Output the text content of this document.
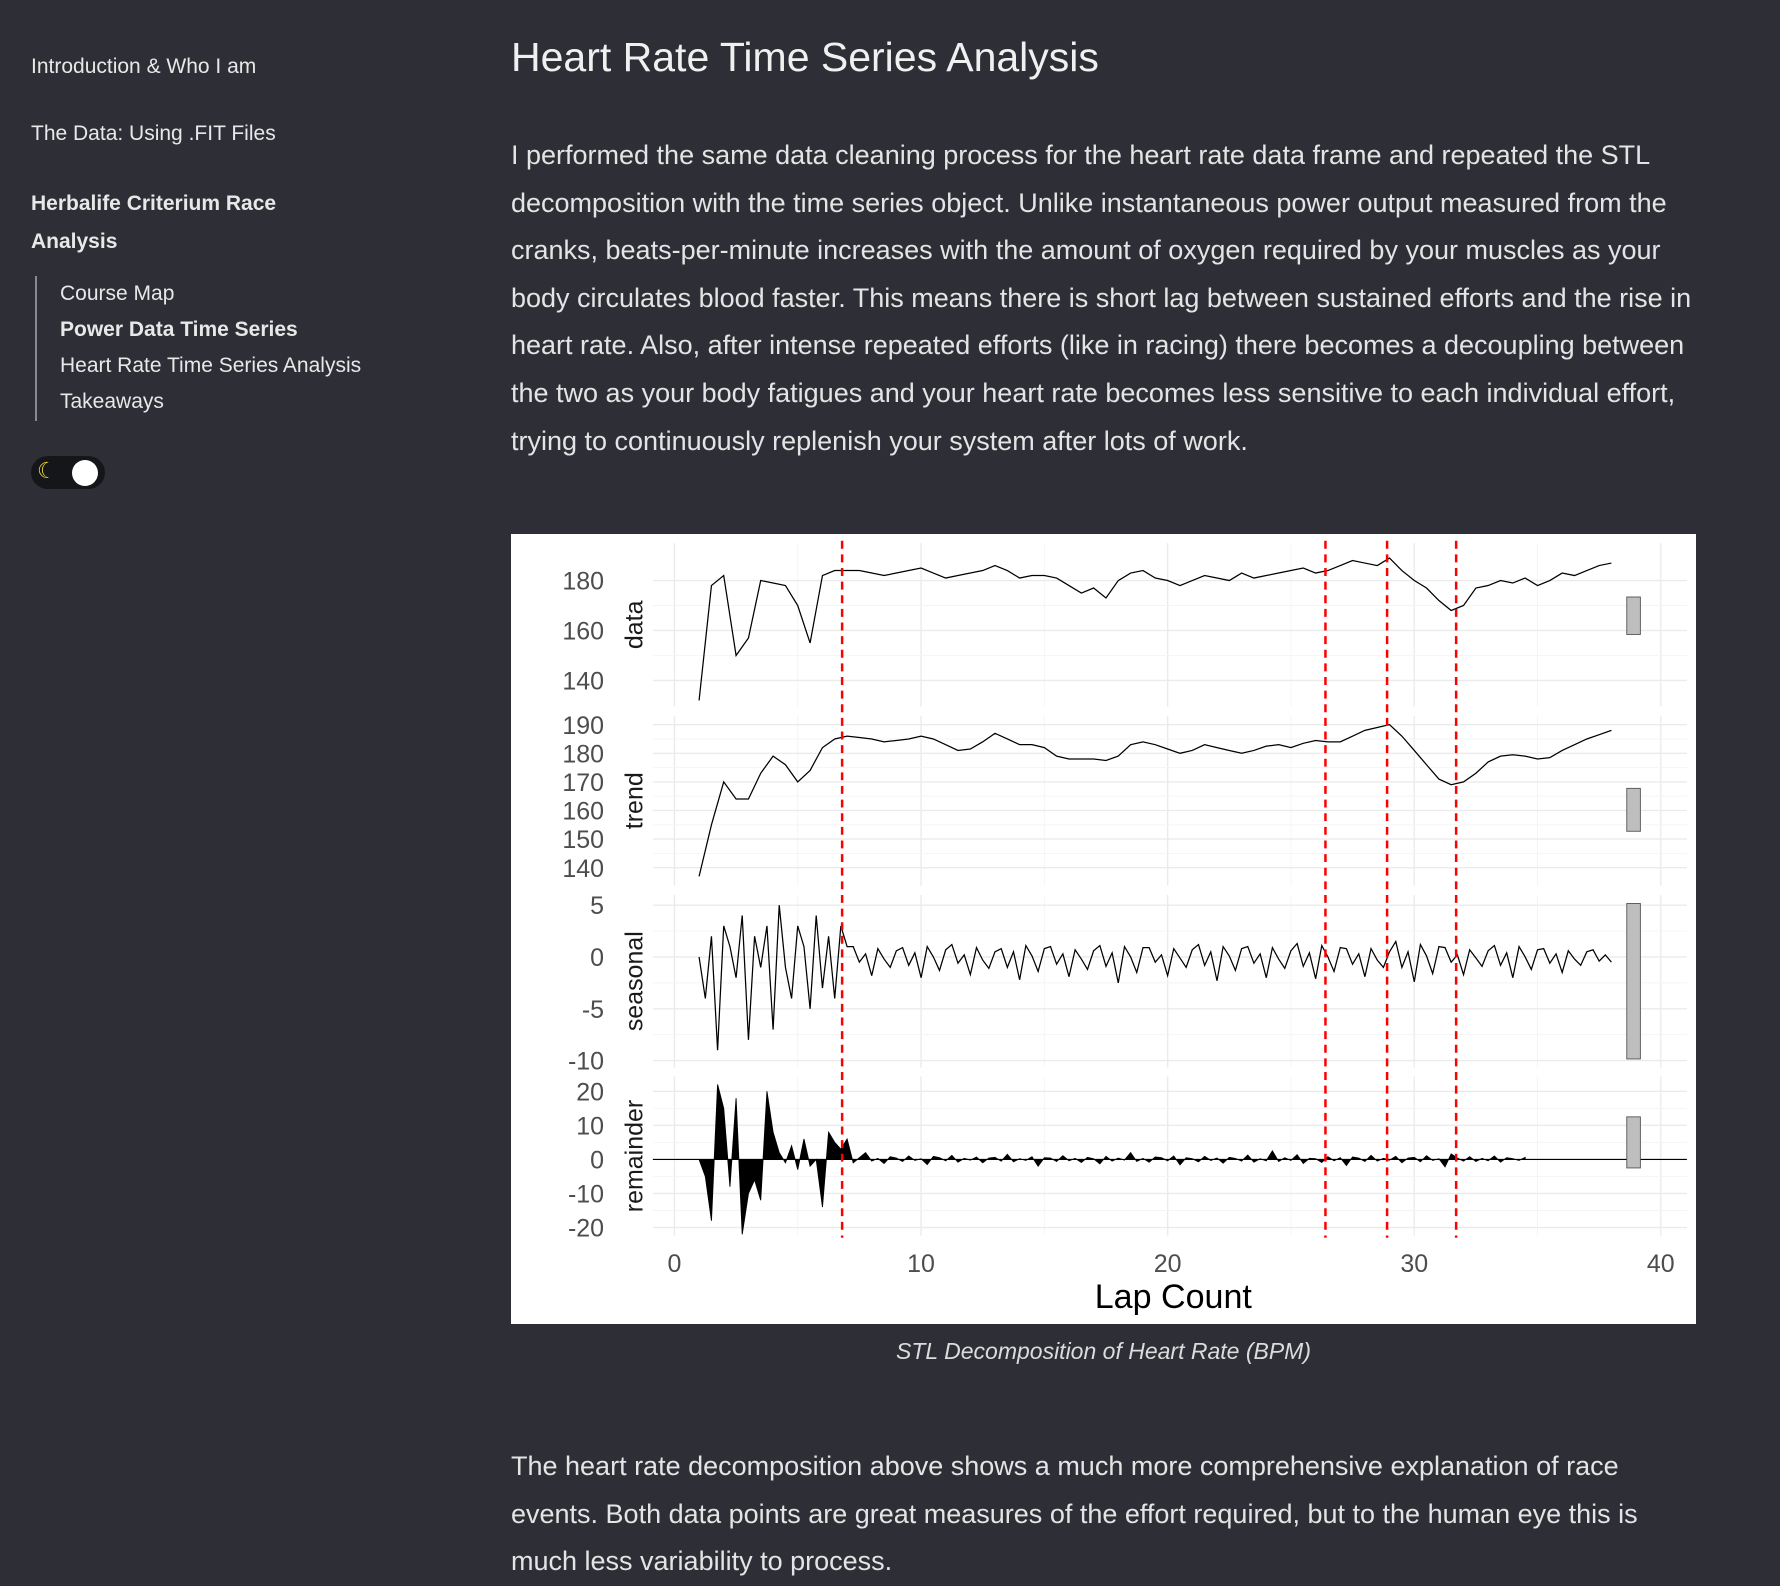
Introduction & Who I am
The Data: Using .FIT Files
Herbalife Criterium Race Analysis
Course Map
Power Data Time Series
Heart Rate Time Series Analysis
Takeaways
☾
Heart Rate Time Series Analysis

I performed the same data cleaning process for the heart rate data frame and repeated the STL decomposition with the time series object. Unlike instantaneous power output measured from the cranks, beats-per-minute increases with the amount of oxygen required by your muscles as your body circulates blood faster. This means there is short lag between sustained efforts and the rise in heart rate. Also, after intense repeated efforts (like in racing) there becomes a decoupling between the two as your body fatigues and your heart rate becomes less sensitive to each individual effort, trying to continuously replenish your system after lots of work.

140
160
180
data
140
150
160
170
180
190
trend
5
0
-5
-10
seasonal
20
10
0
-10
-20
remainder
0	10	20	30	40
Lap Count
STL Decomposition of Heart Rate (BPM)

The heart rate decomposition above shows a much more comprehensive explanation of race events. Both data points are great measures of the effort required, but to the human eye this is much less variability to process.
